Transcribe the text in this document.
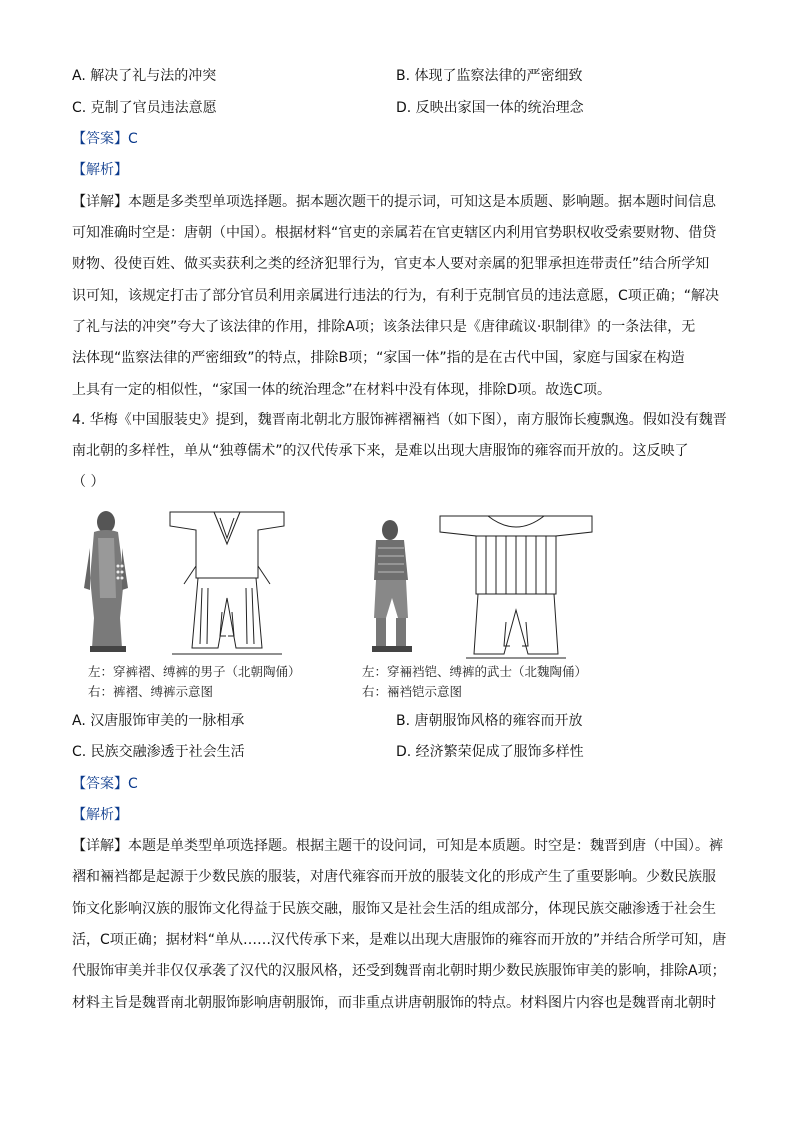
A. 解决了礼与法的冲突	B. 体现了监察法律的严密细致
C. 克制了官员违法意愿	D. 反映出家国一体的统治理念
【答案】C
【解析】
【详解】本题是多类型单项选择题。据本题次题干的提示词，可知这是本质题、影响题。据本题时间信息
可知准确时空是：唐朝（中国）。根据材料“官吏的亲属若在官吏辖区内利用官势职权收受索要财物、借贷
财物、役使百姓、做买卖获利之类的经济犯罪行为，官吏本人要对亲属的犯罪承担连带责任”结合所学知
识可知，该规定打击了部分官员利用亲属进行违法的行为，有利于克制官员的违法意愿，C项正确；“解决
了礼与法的冲突”夸大了该法律的作用，排除A项；该条法律只是《唐律疏议·职制律》的一条法律，无
法体现“监察法律的严密细致”的特点，排除B项；“家国一体”指的是在古代中国，家庭与国家在构造
上具有一定的相似性，“家国一体的统治理念”在材料中没有体现，排除D项。故选C项。
4. 华梅《中国服装史》提到，魏晋南北朝北方服饰裤褶裲裆（如下图），南方服饰长瘦飘逸。假如没有魏晋
南北朝的多样性，单从“独尊儒术”的汉代传承下来，是难以出现大唐服饰的雍容而开放的。这反映了
（ ）
左：穿裤褶、缚裤的男子（北朝陶俑）
右：裤褶、缚裤示意图
左：穿裲裆铠、缚裤的武士（北魏陶俑）
右：裲裆铠示意图
A. 汉唐服饰审美的一脉相承	B. 唐朝服饰风格的雍容而开放
C. 民族交融渗透于社会生活	D. 经济繁荣促成了服饰多样性
【答案】C
【解析】
【详解】本题是单类型单项选择题。根据主题干的设问词，可知是本质题。时空是：魏晋到唐（中国）。裤
褶和裲裆都是起源于少数民族的服装，对唐代雍容而开放的服装文化的形成产生了重要影响。少数民族服
饰文化影响汉族的服饰文化得益于民族交融，服饰又是社会生活的组成部分，体现民族交融渗透于社会生
活，C项正确；据材料“单从……汉代传承下来，是难以出现大唐服饰的雍容而开放的”并结合所学可知，唐
代服饰审美并非仅仅承袭了汉代的汉服风格，还受到魏晋南北朝时期少数民族服饰审美的影响，排除A项；
材料主旨是魏晋南北朝服饰影响唐朝服饰，而非重点讲唐朝服饰的特点。材料图片内容也是魏晋南北朝时
